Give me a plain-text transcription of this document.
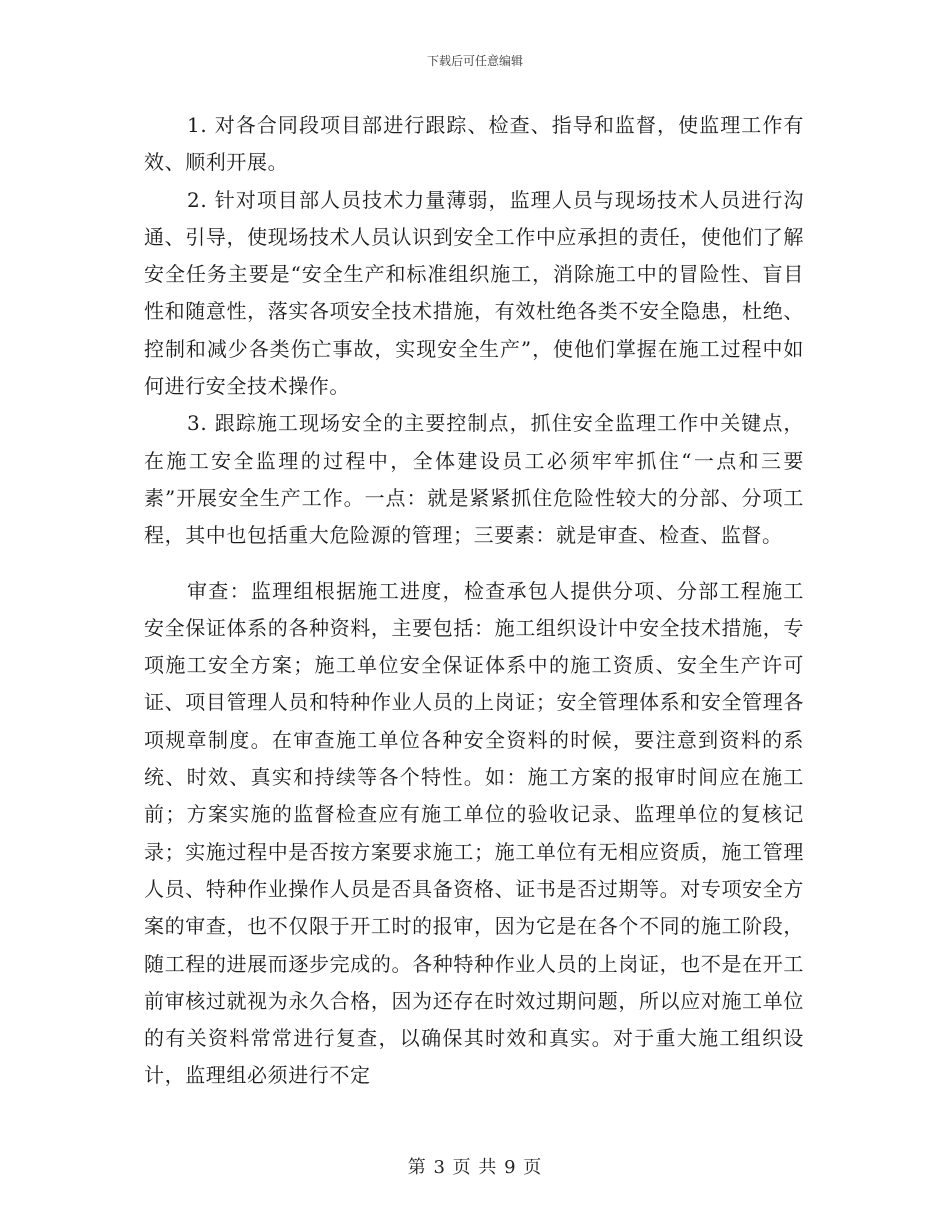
下载后可任意编辑

1. 对各合同段项目部进行跟踪、检查、指导和监督，使监理工作有效、顺利开展。

2. 针对项目部人员技术力量薄弱，监理人员与现场技术人员进行沟通、引导，使现场技术人员认识到安全工作中应承担的责任，使他们了解安全任务主要是“安全生产和标准组织施工，消除施工中的冒险性、盲目性和随意性，落实各项安全技术措施，有效杜绝各类不安全隐患，杜绝、控制和减少各类伤亡事故，实现安全生产”，使他们掌握在施工过程中如何进行安全技术操作。

3. 跟踪施工现场安全的主要控制点，抓住安全监理工作中关键点，在施工安全监理的过程中，全体建设员工必须牢牢抓住“一点和三要素”开展安全生产工作。一点：就是紧紧抓住危险性较大的分部、分项工程，其中也包括重大危险源的管理；三要素：就是审查、检查、监督。

审查：监理组根据施工进度，检查承包人提供分项、分部工程施工安全保证体系的各种资料，主要包括：施工组织设计中安全技术措施，专项施工安全方案；施工单位安全保证体系中的施工资质、安全生产许可证、项目管理人员和特种作业人员的上岗证；安全管理体系和安全管理各项规章制度。在审查施工单位各种安全资料的时候，要注意到资料的系统、时效、真实和持续等各个特性。如：施工方案的报审时间应在施工前；方案实施的监督检查应有施工单位的验收记录、监理单位的复核记录；实施过程中是否按方案要求施工；施工单位有无相应资质，施工管理人员、特种作业操作人员是否具备资格、证书是否过期等。对专项安全方案的审查，也不仅限于开工时的报审，因为它是在各个不同的施工阶段，随工程的进展而逐步完成的。各种特种作业人员的上岗证，也不是在开工前审核过就视为永久合格，因为还存在时效过期问题，所以应对施工单位的有关资料常常进行复查，以确保其时效和真实。对于重大施工组织设计，监理组必须进行不定

第 3 页 共 9 页
